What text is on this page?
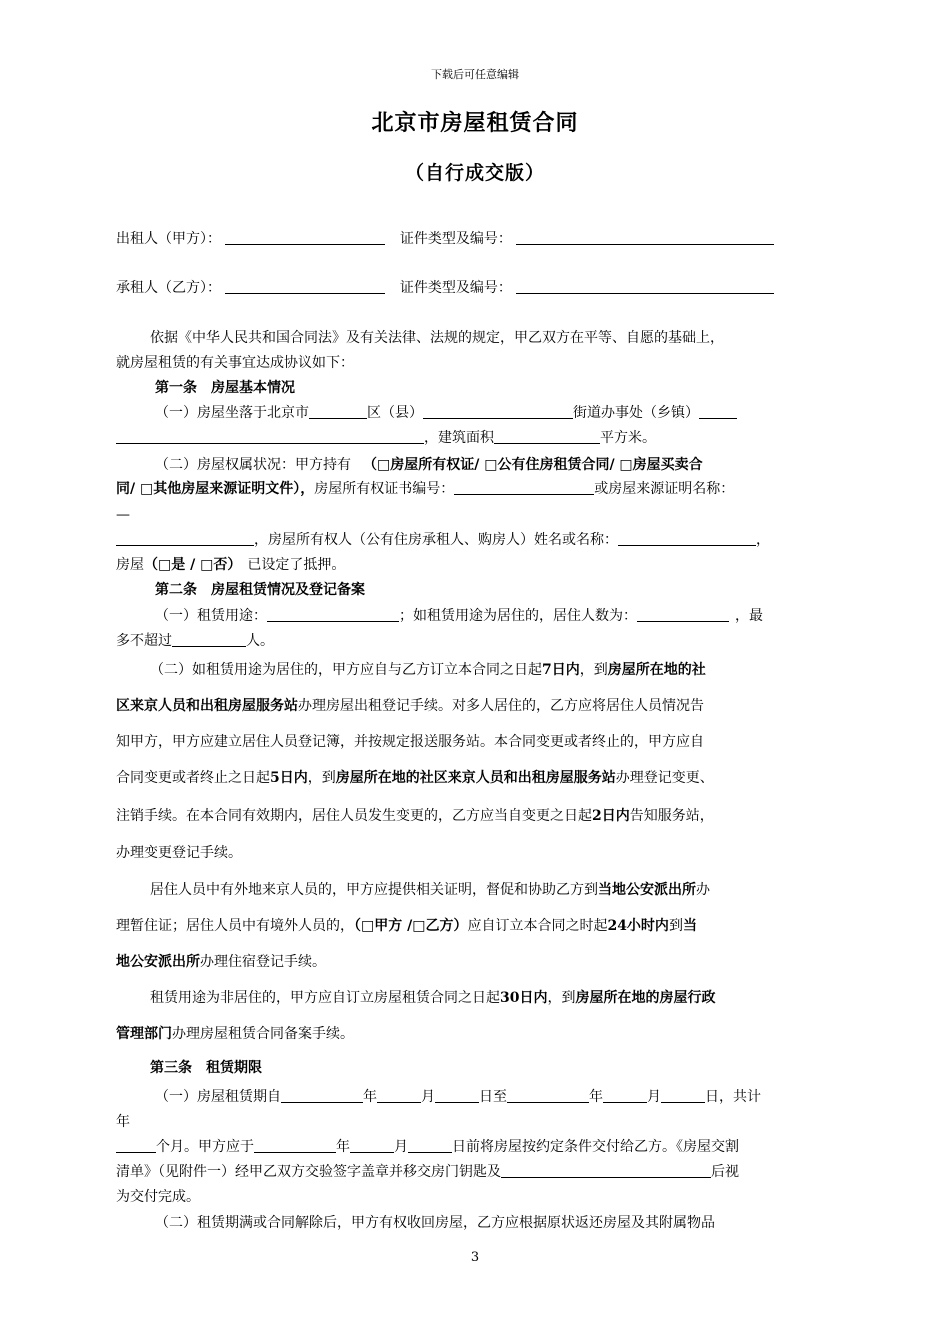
下载后可任意编辑
北京市房屋租赁合同
（自行成交版）
出租人（甲方）：	证件类型及编号：
承租人（乙方）：	证件类型及编号：
依据《中华人民共和国合同法》及有关法律、法规的规定，甲乙双方在平等、自愿的基础上，
就房屋租赁的有关事宜达成协议如下：
第一条　房屋基本情况
（一）房屋坐落于北京市	区（县）	街道办事处（乡镇）
，建筑面积	平方米。
（二）房屋权属状况：甲方持有 （□房屋所有权证/ □公有住房租赁合同/ □房屋买卖合
同/ □其他房屋来源证明文件），房屋所有权证书编号：	或房屋来源证明名称：
—
，房屋所有权人（公有住房承租人、购房人）姓名或名称：	，
房屋（□是 / □否） 已设定了抵押。
第二条　房屋租赁情况及登记备案
（一）租赁用途：	；如租赁用途为居住的，居住人数为：	，最
多不超过	人。
（二）如租赁用途为居住的，甲方应自与乙方订立本合同之日起7日内，到房屋所在地的社
区来京人员和出租房屋服务站办理房屋出租登记手续。对多人居住的，乙方应将居住人员情况告
知甲方，甲方应建立居住人员登记簿，并按规定报送服务站。本合同变更或者终止的，甲方应自
合同变更或者终止之日起5日内，到房屋所在地的社区来京人员和出租房屋服务站办理登记变更、
注销手续。在本合同有效期内，居住人员发生变更的，乙方应当自变更之日起2日内告知服务站，
办理变更登记手续。
居住人员中有外地来京人员的，甲方应提供相关证明，督促和协助乙方到当地公安派出所办
理暂住证；居住人员中有境外人员的，（□甲方 /□乙方）应自订立本合同之时起24小时内到当
地公安派出所办理住宿登记手续。
租赁用途为非居住的，甲方应自订立房屋租赁合同之日起30日内，到房屋所在地的房屋行政
管理部门办理房屋租赁合同备案手续。
第三条　租赁期限
（一）房屋租赁期自	年	月	日至	年	月	日，共计
年
个月。甲方应于	年	月	日前将房屋按约定条件交付给乙方。《房屋交割
清单》（见附件一）经甲乙双方交验签字盖章并移交房门钥匙及	后视
为交付完成。
（二）租赁期满或合同解除后，甲方有权收回房屋，乙方应根据原状返还房屋及其附属物品
3
